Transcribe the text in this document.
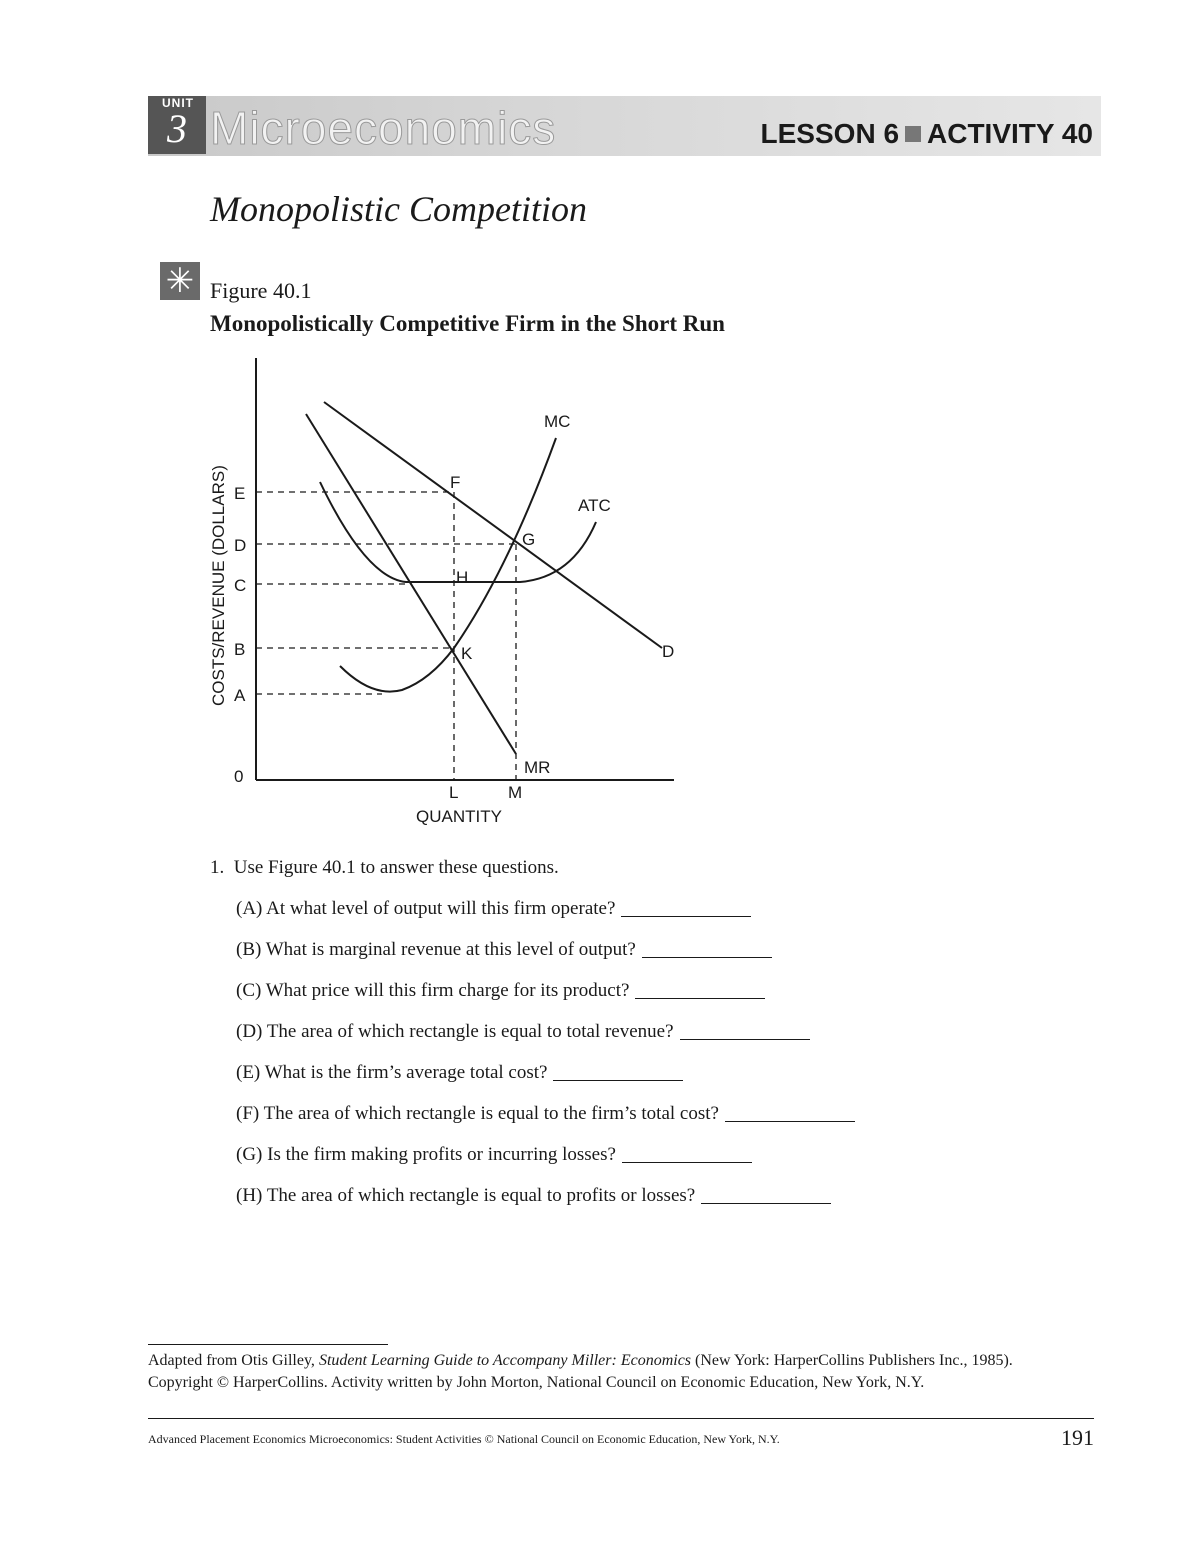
UNIT
3 Microeconomics	LESSON 6 ACTIVITY 40
Monopolistic Competition
✳ Figure 40.1
Monopolistically Competitive Firm in the Short Run
E
D
C
B
A
0
L	M
QUANTITY
COSTS/REVENUE (DOLLARS)
MC
ATC
D
MR
F
G
H
K
1. Use Figure 40.1 to answer these questions.
(A) At what level of output will this firm operate?
(B) What is marginal revenue at this level of output?
(C) What price will this firm charge for its product?
(D) The area of which rectangle is equal to total revenue?
(E) What is the firm’s average total cost?
(F) The area of which rectangle is equal to the firm’s total cost?
(G) Is the firm making profits or incurring losses?
(H) The area of which rectangle is equal to profits or losses?
Adapted from Otis Gilley, Student Learning Guide to Accompany Miller: Economics (New York: HarperCollins Publishers Inc., 1985).
Copyright © HarperCollins. Activity written by John Morton, National Council on Economic Education, New York, N.Y.
Advanced Placement Economics Microeconomics: Student Activities © National Council on Economic Education, New York, N.Y.	191
